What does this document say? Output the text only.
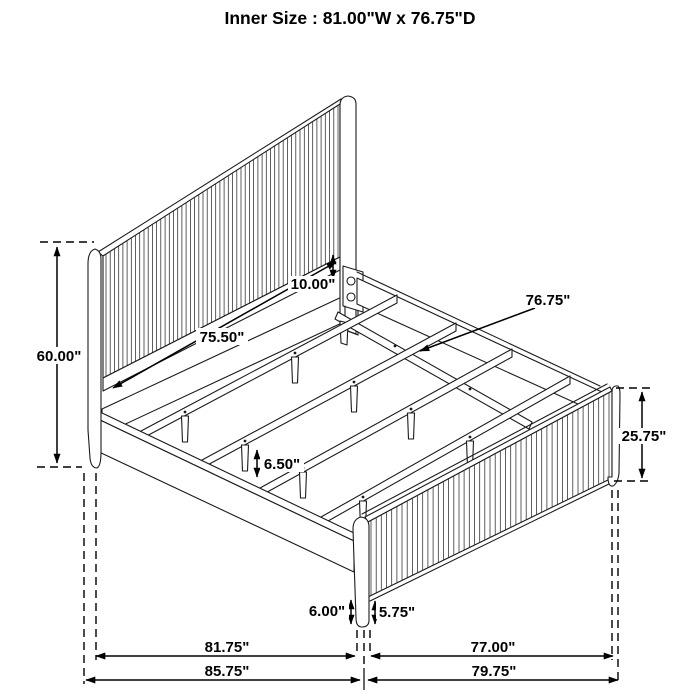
60.00"
75.50"
10.00"
76.75"
25.75"
6.50"
6.00" 5.75"
81.75"	77.00"
85.75"	79.75"
Inner Size : 81.00"W x 76.75"D
